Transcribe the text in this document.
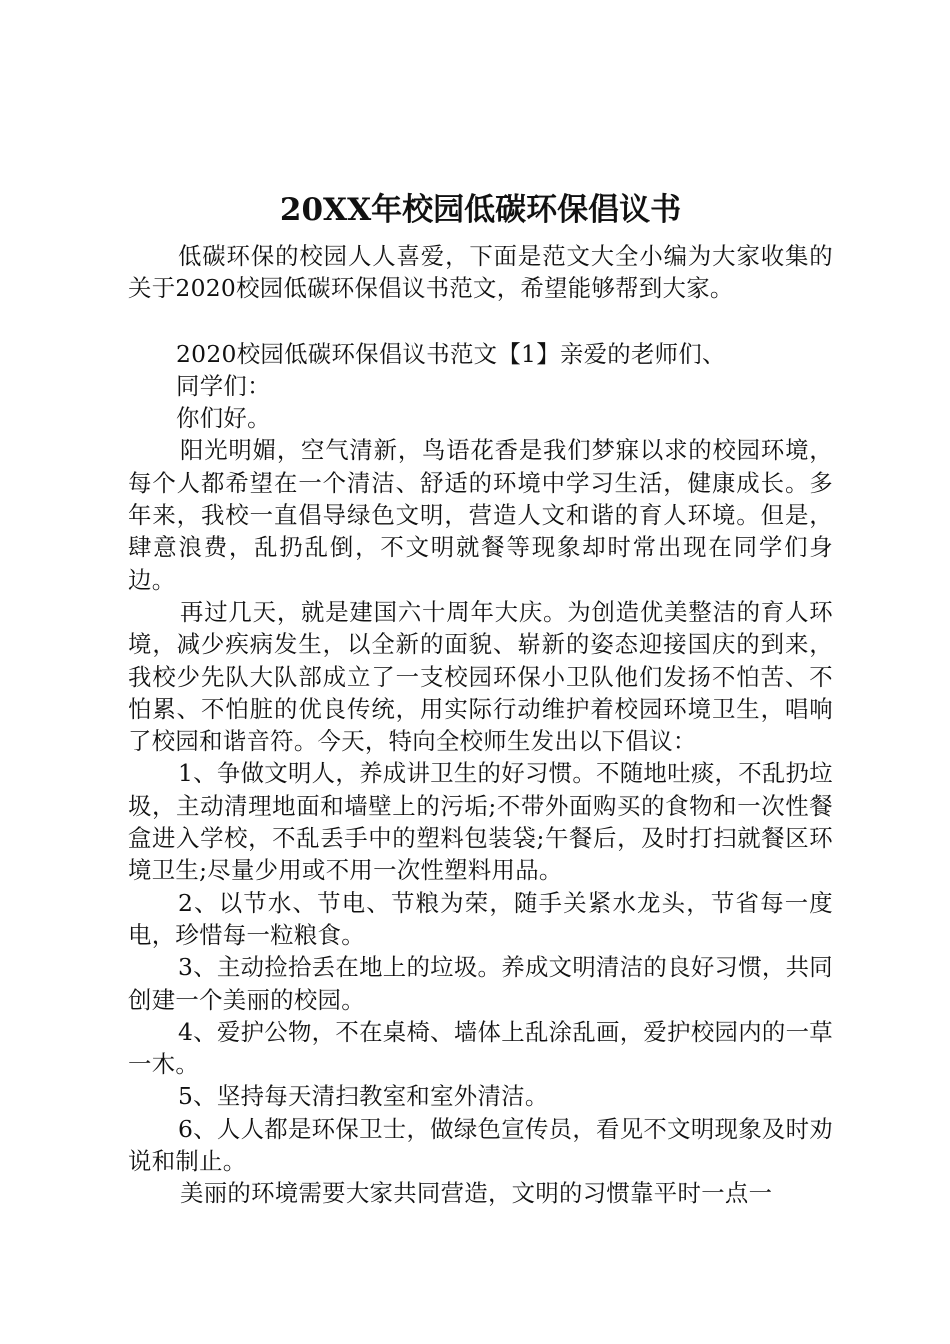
20XX年校园低碳环保倡议书

低碳环保的校园人人喜爱，下面是范文大全小编为大家收集的关于2020校园低碳环保倡议书范文，希望能够帮到大家。

2020校园低碳环保倡议书范文【1】亲爱的老师们、

同学们：

你们好。

阳光明媚，空气清新，鸟语花香是我们梦寐以求的校园环境，每个人都希望在一个清洁、舒适的环境中学习生活，健康成长。多年来，我校一直倡导绿色文明，营造人文和谐的育人环境。但是，肆意浪费，乱扔乱倒，不文明就餐等现象却时常出现在同学们身边。

再过几天，就是建国六十周年大庆。为创造优美整洁的育人环境，减少疾病发生，以全新的面貌、崭新的姿态迎接国庆的到来，我校少先队大队部成立了一支校园环保小卫队他们发扬不怕苦、不怕累、不怕脏的优良传统，用实际行动维护着校园环境卫生，唱响了校园和谐音符。今天，特向全校师生发出以下倡议：

1、争做文明人，养成讲卫生的好习惯。不随地吐痰，不乱扔垃圾，主动清理地面和墙壁上的污垢;不带外面购买的食物和一次性餐盒进入学校，不乱丢手中的塑料包装袋;午餐后，及时打扫就餐区环境卫生;尽量少用或不用一次性塑料用品。

2、以节水、节电、节粮为荣，随手关紧水龙头，节省每一度电，珍惜每一粒粮食。

3、主动捡拾丢在地上的垃圾。养成文明清洁的良好习惯，共同创建一个美丽的校园。

4、爱护公物，不在桌椅、墙体上乱涂乱画，爱护校园内的一草一木。

5、坚持每天清扫教室和室外清洁。

6、人人都是环保卫士，做绿色宣传员，看见不文明现象及时劝说和制止。

美丽的环境需要大家共同营造，文明的习惯靠平时一点一
